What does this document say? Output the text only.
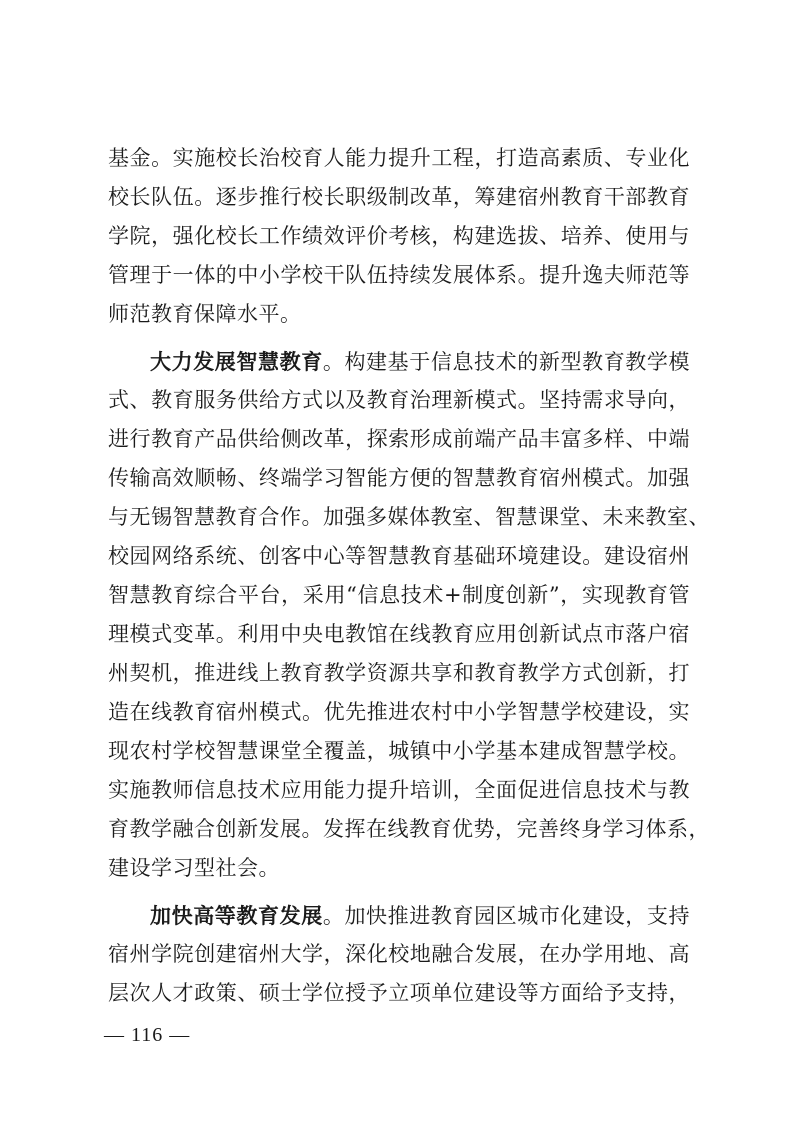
基金。实施校长治校育人能力提升工程，打造高素质、专业化
校长队伍。逐步推行校长职级制改革，筹建宿州教育干部教育
学院，强化校长工作绩效评价考核，构建选拔、培养、使用与
管理于一体的中小学校干队伍持续发展体系。提升逸夫师范等
师范教育保障水平。
大力发展智慧教育。构建基于信息技术的新型教育教学模
式、教育服务供给方式以及教育治理新模式。坚持需求导向，
进行教育产品供给侧改革，探索形成前端产品丰富多样、中端
传输高效顺畅、终端学习智能方便的智慧教育宿州模式。加强
与无锡智慧教育合作。加强多媒体教室、智慧课堂、未来教室、
校园网络系统、创客中心等智慧教育基础环境建设。建设宿州
智慧教育综合平台，采用“信息技术+制度创新”，实现教育管
理模式变革。利用中央电教馆在线教育应用创新试点市落户宿
州契机，推进线上教育教学资源共享和教育教学方式创新，打
造在线教育宿州模式。优先推进农村中小学智慧学校建设，实
现农村学校智慧课堂全覆盖，城镇中小学基本建成智慧学校。
实施教师信息技术应用能力提升培训，全面促进信息技术与教
育教学融合创新发展。发挥在线教育优势，完善终身学习体系，
建设学习型社会。
加快高等教育发展。加快推进教育园区城市化建设，支持
宿州学院创建宿州大学，深化校地融合发展，在办学用地、高
层次人才政策、硕士学位授予立项单位建设等方面给予支持，
— 116 —
